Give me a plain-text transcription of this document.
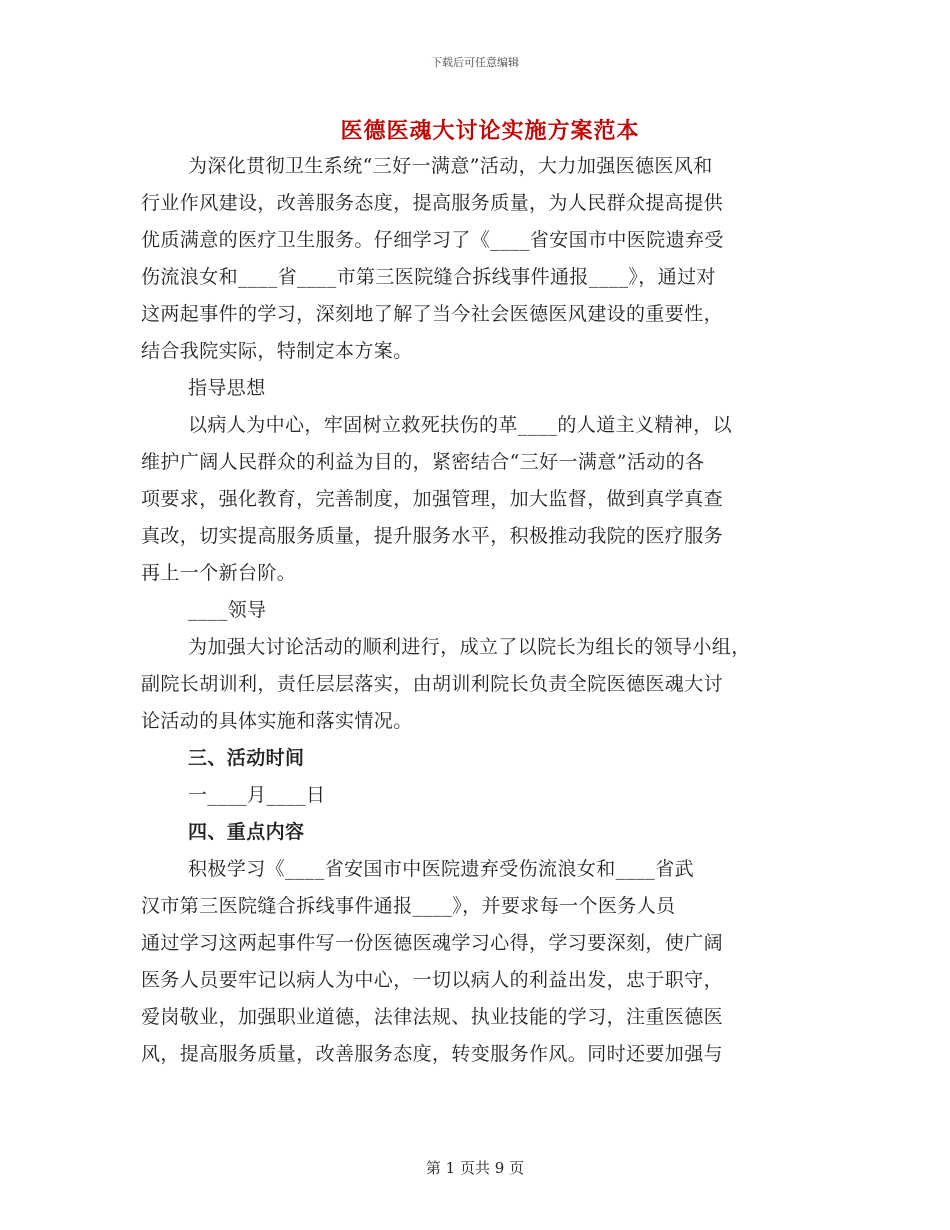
下载后可任意编辑
医德医魂大讨论实施方案范本
为深化贯彻卫生系统“三好一满意”活动，大力加强医德医风和
行业作风建设，改善服务态度，提高服务质量，为人民群众提高提供
优质满意的医疗卫生服务。仔细学习了《____省安国市中医院遗弃受
伤流浪女和____省____市第三医院缝合拆线事件通报____》，通过对
这两起事件的学习，深刻地了解了当今社会医德医风建设的重要性，
结合我院实际，特制定本方案。
指导思想
以病人为中心，牢固树立救死扶伤的革____的人道主义精神，以
维护广阔人民群众的利益为目的，紧密结合“三好一满意”活动的各
项要求，强化教育，完善制度，加强管理，加大监督，做到真学真查
真改，切实提高服务质量，提升服务水平，积极推动我院的医疗服务
再上一个新台阶。
____领导
为加强大讨论活动的顺利进行，成立了以院长为组长的领导小组，
副院长胡训利，责任层层落实，由胡训利院长负责全院医德医魂大讨
论活动的具体实施和落实情况。
三、活动时间
一____月____日
四、重点内容
积极学习《____省安国市中医院遗弃受伤流浪女和____省武
汉市第三医院缝合拆线事件通报____》，并要求每一个医务人员
通过学习这两起事件写一份医德医魂学习心得，学习要深刻，使广阔
医务人员要牢记以病人为中心，一切以病人的利益出发，忠于职守，
爱岗敬业，加强职业道德，法律法规、执业技能的学习，注重医德医
风，提高服务质量，改善服务态度，转变服务作风。同时还要加强与
第 1 页共 9 页
